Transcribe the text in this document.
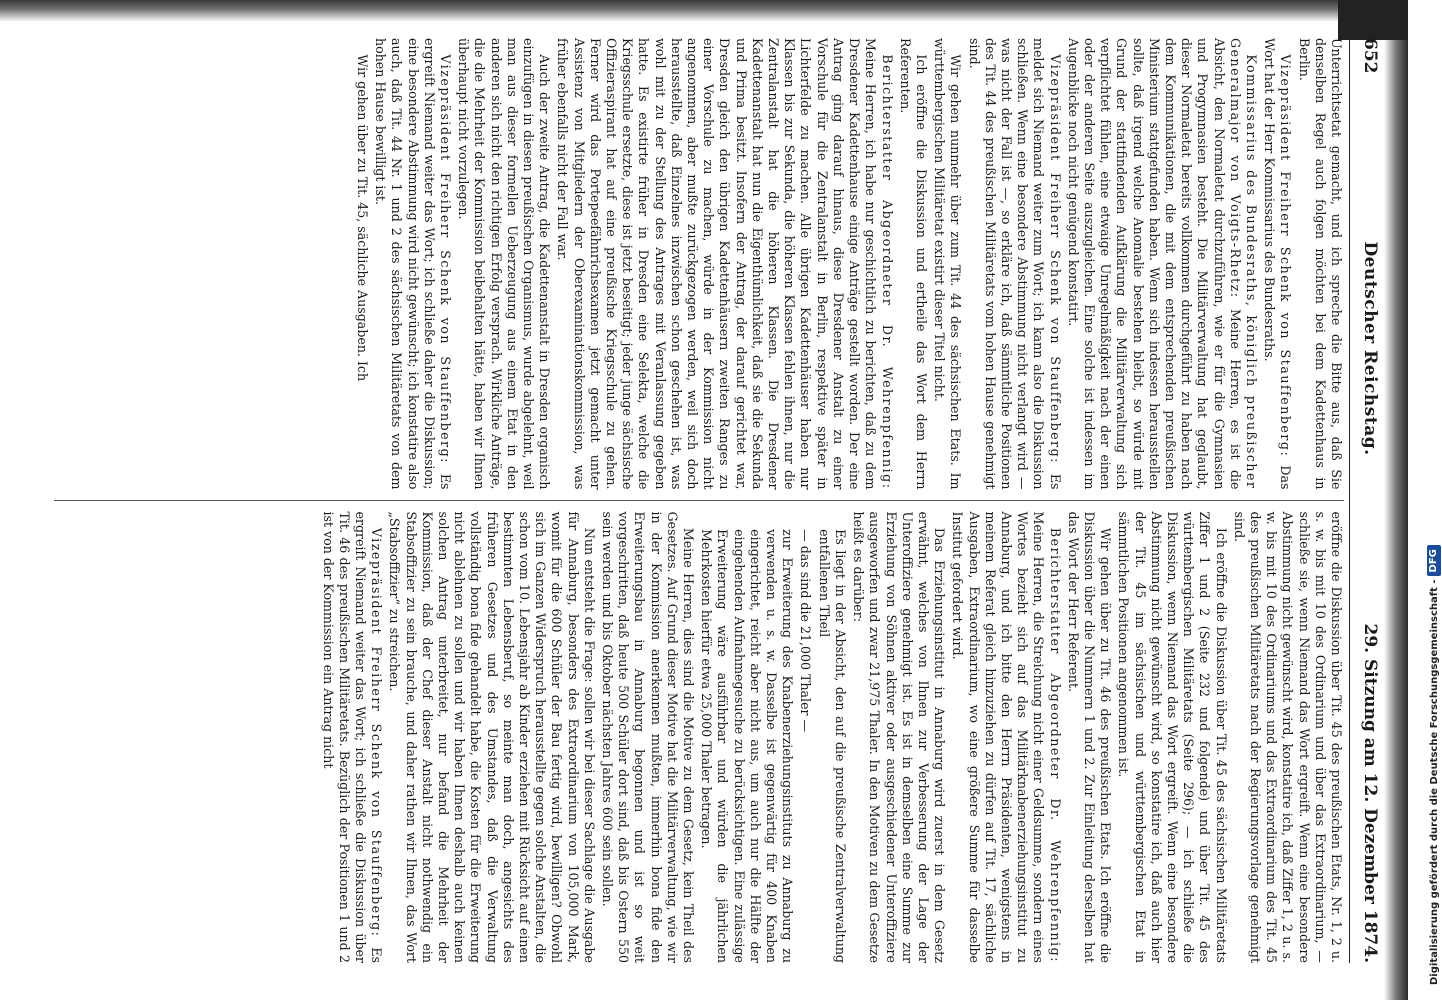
652
Deutscher Reichstag.
29. Sitzung am 12. Dezember 1874.

Unterrichtsetat gemacht, und ich spreche die Bitte aus, daß Sie denselben Regel auch folgen möchten bei dem Kadettenhaus in Berlin.

Vizepräsident Freiherr Schenk von Stauffenberg: Das Wort hat der Herr Kommissarius des Bundesraths.

Kommissarius des Bundesraths, königlich preußischer Generalmajor von Voigts-Rhetz: Meine Herren, es ist die Absicht, den Normaletat durchzuführen, wie er für die Gymnasien und Progymnasien besteht. Die Militärverwaltung hat geglaubt, dieser Normaletat bereits vollkommen durchgeführt zu haben nach dem Kommunikationen, die mit dem entsprechenden preußischen Ministerium stattgefunden haben. Wenn sich indessen herausstellen sollte, daß irgend welche Anomalie bestehen bleibt, so würde mit Grund der stattfindenden Aufklärung die Militärverwaltung sich verpflichtet fühlen, eine etwaige Unregelmäßigkeit nach der einen oder der anderen Seite auszugleichen. Eine solche ist indessen im Augenblicke noch nicht genügend konstatirt.

Vizepräsident Freiherr Schenk von Stauffenberg: Es meldet sich Niemand weiter zum Wort; ich kann also die Diskussion schließen. Wenn eine besondere Abstimmung nicht verlangt wird — was nicht der Fall ist —, so erkläre ich, daß sämmtliche Positionen des Tit. 44 des preußischen Militäretats vom hohen Hause genehmigt sind.

Wir gehen nunmehr über zum Tit. 44 des sächsischen Etats. Im württembergischen Militäretat existirt dieser Titel nicht.

Ich eröffne die Diskussion und ertheile das Wort dem Herrn Referenten.

Berichterstatter Abgeordneter Dr. Wehrenpfennig: Meine Herren, ich habe nur geschichtlich zu berichten, daß zu dem Dresdener Kadettenhause einige Anträge gestellt worden. Der eine Antrag ging darauf hinaus, diese Dresdener Anstalt zu einer Vorschule für die Zentralanstalt in Berlin, respektive später in Lichterfelde zu machen. Alle übrigen Kadettenhäuser haben nur Klassen bis zur Sekunda, die höheren Klassen fehlen ihnen, nur die Zentralanstalt hat die höheren Klassen. Die Dresdener Kadettenanstalt hat nun die Eigenthümlichkeit, daß sie die Sekunda und Prima besitzt. Insofern der Antrag, der darauf gerichtet war, Dresden gleich den übrigen Kadettenhäusern zweiten Ranges zu einer Vorschule zu machen, würde in der Kommission nicht angenommen, aber mußte zurückgezogen werden, weil sich doch herausstellte, daß Einzelnes inzwischen schon geschehen ist, was wohl mit zu der Stellung des Antrages mit Veranlassung gegeben hatte. Es existirte früher in Dresden eine Selekta, welche die Kriegsschule ersetzte, diese ist jetzt beseitigt; jeder junge sächsische Offizieraspirant hat auf eine preußische Kriegsschule zu gehen. Ferner wird das Portepeefähnrichsexamen jetzt gemacht unter Assistenz von Mitgliedern der Oberexaminationskommission, was früher ebenfalls nicht der Fall war.

Auch der zweite Antrag, die Kadettenanstalt in Dresden organisch einzufügen in diesen preußischen Organismus, wurde abgelehnt, weil man aus dieser formellen Ueberzeugung aus einem Etat in den anderen sich nicht den richtigen Erfolg versprach. Wirkliche Anträge, die die Mehrheit der Kommission beibehalten hätte, haben wir Ihnen überhaupt nicht vorzulegen.

Vizepräsident Freiherr Schenk von Stauffenberg: Es ergreift Niemand weiter das Wort; ich schließe daher die Diskussion; eine besondere Abstimmung wird nicht gewünscht; ich konstatire also auch, daß Tit. 44 Nr. 1 und 2 des sächsischen Militäretats von dem hohen Hause bewilligt ist.

Wir gehen über zu Tit. 45, sächliche Ausgaben. Ich

eröffne die Diskussion über Tit. 45 des preußischen Etats, Nr. 1, 2 u. s. w. bis mit 10 des Ordinarium und über das Extraordinarium, — schließe sie, wenn Niemand das Wort ergreift. Wenn eine besondere Abstimmung nicht gewünscht wird, konstatire ich, daß Ziffer 1, 2 u. s. w. bis mit 10 des Ordinariums und das Extraordinarium des Tit. 45 des preußischen Militäretats nach der Regierungsvorlage genehmigt sind.

Ich eröffne die Diskussion über Tit. 45 des sächsischen Militäretats Ziffer 1 und 2 (Seite 232 und folgende) und über Tit. 45 des württembergischen Militäretats (Seite 296); — ich schließe die Diskussion, wenn Niemand das Wort ergreift. Wenn eine besondere Abstimmung nicht gewünscht wird, so konstatire ich, daß auch hier der Tit. 45 im sächsischen und württembergischen Etat in sämmtlichen Positionen angenommen ist.

Wir gehen über zu Tit. 46 des preußischen Etats. Ich eröffne die Diskussion über die Nummern 1 und 2. Zur Einleitung derselben hat das Wort der Herr Referent.

Berichterstatter Abgeordneter Dr. Wehrenpfennig: Meine Herren, die Streichung nicht einer Geldsumme, sondern eines Wortes bezieht sich auf das Militärknabenerziehungsinstitut zu Annaburg, und ich bitte den Herrn Präsidenten, wenigstens in meinem Referat gleich hinzuziehen zu dürfen auf Tit. 17, sächliche Ausgaben, Extraordinarium, wo eine größere Summe für dasselbe Institut gefordert wird.

Das Erziehungsinstitut in Annaburg wird zuerst in dem Gesetz erwähnt, welches von Ihnen zur Verbesserung der Lage der Unteroffiziere genehmigt ist. Es ist in demselben eine Summe zur Erziehung von Söhnen aktiver oder ausgeschiedener Unteroffiziere ausgeworfen und zwar 21,975 Thaler. In den Motiven zu dem Gesetze heißt es darüber:

Es liegt in der Absicht, den auf die preußische Zentralverwaltung entfallenen Theil

— das sind die 21,000 Thaler —

zur Erweiterung des Knabenerziehungsinstituts zu Annaburg zu verwenden u. s. w. Dasselbe ist gegenwärtig für 400 Knaben eingerichtet, reicht aber nicht aus, um auch nur die Hälfte der eingehenden Aufnahmegesuche zu berücksichtigen. Eine zulässige Erweiterung wäre ausführbar und würden die jährlichen Mehrkosten hierfür etwa 25,000 Thaler betragen.

Meine Herren, dies sind die Motive zu dem Gesetz, kein Theil des Gesetzes. Auf Grund dieser Motive hat die Militärverwaltung, wie wir in der Kommission anerkennen mußten, immerhin bona fide den Erweiterungsbau in Annaburg begonnen und ist so weit vorgeschritten, daß heute 500 Schüler dort sind, daß bis Ostern 550 sein werden und bis Oktober nächsten Jahres 600 sein sollen.

Nun entsteht die Frage: sollen wir bei dieser Sachlage die Ausgabe für Annaburg, besonders des Extraordinarium von 105,000 Mark, womit für die 600 Schüler der Bau fertig wird, bewilligen? Obwohl sich im Ganzen Widerspruch herausstellte gegen solche Anstalten, die schon vom 10. Lebensjahr ab Kinder erziehen mit Rücksicht auf einen bestimmten Lebensberuf, so meinte man doch, angesichts des früheren Gesetzes und des Umstandes, daß die Verwaltung vollständig bona fide gehandelt habe, die Kosten für die Erweiterung nicht ablehnen zu sollen und wir haben Ihnen deshalb auch keinen solchen Antrag unterbreitet, nur befand die Mehrheit der Kommission, daß der Chef dieser Anstalt nicht nothwendig ein Stabsoffizier zu sein brauche, und daher rathen wir Ihnen, das Wort „Stabsoffizier“ zu streichen.

Vizepräsident Freiherr Schenk von Stauffenberg: Es ergreift Niemand weiter das Wort; ich schließe die Diskussion über Tit. 46 des preußischen Militäretats. Bezüglich der Positionen 1 und 2 ist von der Kommission ein Antrag nicht	Digitalisierung gefördert durch die Deutsche Forschungsgemeinschaft -
DFG
